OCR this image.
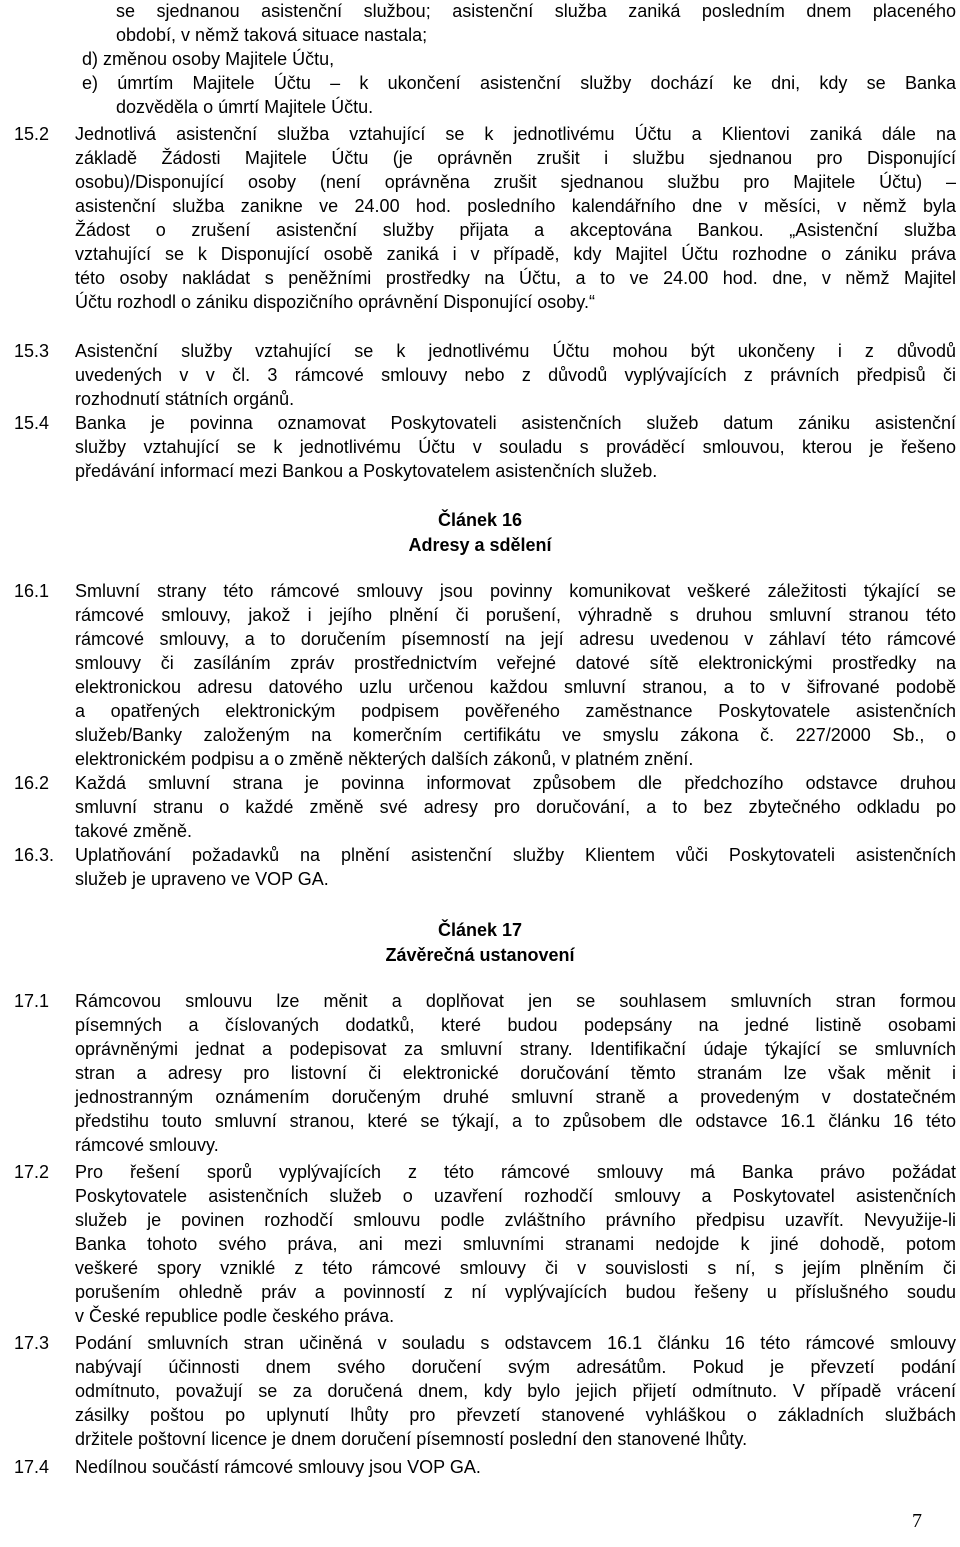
se sjednanou asistenční službou; asistenční služba zaniká posledním dnem placeného
období, v němž taková situace nastala;
d) změnou osoby Majitele Účtu,
e) úmrtím Majitele Účtu – k ukončení asistenční služby dochází ke dni, kdy se Banka
dozvěděla o úmrtí Majitele Účtu.
15.2 Jednotlivá asistenční služba vztahující se k jednotlivému Účtu a Klientovi zaniká dále na
základě Žádosti Majitele Účtu (je oprávněn zrušit i službu sjednanou pro Disponující
osobu)/Disponující osoby (není oprávněna zrušit sjednanou službu pro Majitele Účtu) –
asistenční služba zanikne ve 24.00 hod. posledního kalendářního dne v měsíci, v němž byla
Žádost o zrušení asistenční služby přijata a akceptována Bankou. „Asistenční služba
vztahující se k Disponující osobě zaniká i v případě, kdy Majitel Účtu rozhodne o zániku práva
této osoby nakládat s peněžními prostředky na Účtu, a to ve 24.00 hod. dne, v němž Majitel
Účtu rozhodl o zániku dispozičního oprávnění Disponující osoby.“
15.3 Asistenční služby vztahující se k jednotlivému Účtu mohou být ukončeny i z důvodů
uvedených v v čl. 3 rámcové smlouvy nebo z důvodů vyplývajících z právních předpisů či
rozhodnutí státních orgánů.
15.4 Banka je povinna oznamovat Poskytovateli asistenčních služeb datum zániku asistenční
služby vztahující se k jednotlivému Účtu v souladu s prováděcí smlouvou, kterou je řešeno
předávání informací mezi Bankou a Poskytovatelem asistenčních služeb.
Článek 16
Adresy a sdělení
16.1 Smluvní strany této rámcové smlouvy jsou povinny komunikovat veškeré záležitosti týkající se
rámcové smlouvy, jakož i jejího plnění či porušení, výhradně s druhou smluvní stranou této
rámcové smlouvy, a to doručením písemností na její adresu uvedenou v záhlaví této rámcové
smlouvy či zasíláním zpráv prostřednictvím veřejné datové sítě elektronickými prostředky na
elektronickou adresu datového uzlu určenou každou smluvní stranou, a to v šifrované podobě
a opatřených elektronickým podpisem pověřeného zaměstnance Poskytovatele asistenčních
služeb/Banky založeným na komerčním certifikátu ve smyslu zákona č. 227/2000 Sb., o
elektronickém podpisu a o změně některých dalších zákonů, v platném znění.
16.2 Každá smluvní strana je povinna informovat způsobem dle předchozího odstavce druhou
smluvní stranu o každé změně své adresy pro doručování, a to bez zbytečného odkladu po
takové změně.
16.3. Uplatňování požadavků na plnění asistenční služby Klientem vůči Poskytovateli asistenčních
služeb je upraveno ve VOP GA.
Článek 17
Závěrečná ustanovení
17.1 Rámcovou smlouvu lze měnit a doplňovat jen se souhlasem smluvních stran formou
písemných a číslovaných dodatků, které budou podepsány na jedné listině osobami
oprávněnými jednat a podepisovat za smluvní strany. Identifikační údaje týkající se smluvních
stran a adresy pro listovní či elektronické doručování těmto stranám lze však měnit i
jednostranným oznámením doručeným druhé smluvní straně a provedeným v dostatečném
předstihu touto smluvní stranou, které se týkají, a to způsobem dle odstavce 16.1 článku 16 této
rámcové smlouvy.
17.2 Pro řešení sporů vyplývajících z této rámcové smlouvy má Banka právo požádat
Poskytovatele asistenčních služeb o uzavření rozhodčí smlouvy a Poskytovatel asistenčních
služeb je povinen rozhodčí smlouvu podle zvláštního právního předpisu uzavřít. Nevyužije-li
Banka tohoto svého práva, ani mezi smluvními stranami nedojde k jiné dohodě, potom
veškeré spory vzniklé z této rámcové smlouvy či v souvislosti s ní, s jejím plněním či
porušením ohledně práv a povinností z ní vyplývajících budou řešeny u příslušného soudu
v České republice podle českého práva.
17.3 Podání smluvních stran učiněná v souladu s odstavcem 16.1 článku 16 této rámcové smlouvy
nabývají účinnosti dnem svého doručení svým adresátům. Pokud je převzetí podání
odmítnuto, považují se za doručená dnem, kdy bylo jejich přijetí odmítnuto. V případě vrácení
zásilky poštou po uplynutí lhůty pro převzetí stanovené vyhláškou o základních službách
držitele poštovní licence je dnem doručení písemností poslední den stanovené lhůty.
17.4 Nedílnou součástí rámcové smlouvy jsou VOP GA.
7
